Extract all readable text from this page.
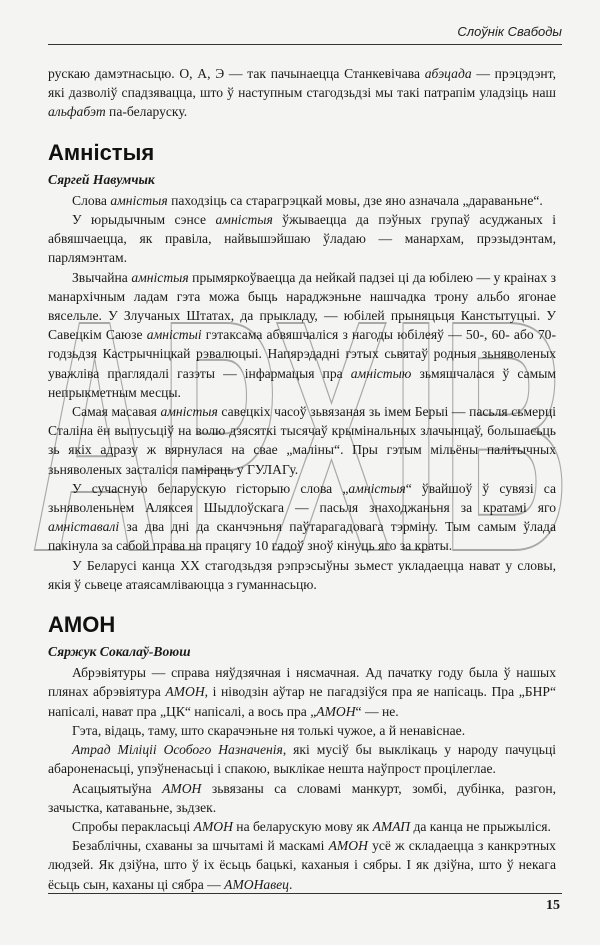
Слоўнік Свабоды
АРХІВ

рускаю дамэтнасьцю. О, А, Э — так пачынаецца Станкевічава абэцада — прэцэдэнт, які дазволіў спадзявацца, што ў наступным стагодзьдзі мы такі патрапім уладзіць наш альфабэт па-беларуску.

Амністыя

Сяргей Навумчык

Слова амністыя паходзіць са старагрэцкай мовы, дзе яно азначала „дараваньне“.

У юрыдычным сэнсе амністыя ўжываецца да пэўных групаў асуджаных і абвяшчаецца, як правіла, найвышэйшаю ўладаю — манархам, прэзыдэнтам, парлямэнтам.

Звычайна амністыя прымяркоўваецца да нейкай падзеі ці да юбілею — у краінах з манархічным ладам гэта можа быць нараджэньне нашчадка трону альбо ягонае вясельле. У Злучаных Штатах, да прыкладу, — юбілей прыняцьця Канстытуцыі. У Савецкім Саюзе амністыі гэтаксама абвяшчаліся з нагоды юбілеяў — 50-, 60- або 70-годзьдзя Кастрычніцкай рэвалюцыі. Напярэдадні гэтых сьвятаў родныя зьняволеных уважліва праглядалі газэты — інфармацыя пра амністыю зьмяшчалася ў самым непрыкметным месцы.

Самая масавая амністыя савецкіх часоў зьвязаная зь імем Берыі — пасьля сьмерці Сталіна ён выпусьціў на волю дзясяткі тысячаў крымінальных злачынцаў, большасьць зь якіх адразу ж вярнулася на свае „маліны“. Пры гэтым мільёны палітычных зьняволеных засталіся паміраць у ГУЛАГу.

У сучасную беларускую гісторыю слова „амністыя“ ўвайшоў ў сувязі са зьняволеньнем Аляксея Шыдлоўскага — пасьля знаходжаньня за кратамі яго амніставалі за два дні да сканчэньня паўтарагадовага тэрміну. Тым самым ўлада пакінула за сабой права на працягу 10 гадоў зноў кінуць яго за краты.

У Беларусі канца XX стагодзьдзя рэпрэсыўны зьмест укладаецца нават у словы, якія ў сьвеце атаясамліваюцца з гуманнасьцю.

АМОН

Сяржук Сокалаў-Воюш

Абрэвіятуры — справа няўдзячная і нясмачная. Ад пачатку году была ў нашых плянах абрэвіятура АМОН, і ніводзін аўтар не пагадзіўся пра яе напісаць. Пра „БНР“ напісалі, нават пра „ЦК“ напісалі, а вось пра „АМОН“ — не.

Гэта, відаць, таму, што скарачэньне ня толькі чужое, а й ненавіснае.

Атрад Міліціі Особого Назначенія, які мусіў бы выклікаць у народу пачуцьці абароненасьці, упэўненасьці і спакою, выклікае нешта наўпрост процілеглае.

Асацыятыўна АМОН зьвязаны са словамі манкурт, зомбі, дубінка, разгон, зачыстка, катаваньне, зьдзек.

Спробы перакласьці АМОН на беларускую мову як АМАП да канца не прыжыліся.

Безаблічны, схаваны за шчытамі й маскамі АМОН усё ж складаецца з канкрэтных людзей. Як дзіўна, што ў іх ёсьць бацькі, каханыя і сябры. І як дзіўна, што ў некага ёсьць сын, каханы ці сябра — АМОНавец.

15
